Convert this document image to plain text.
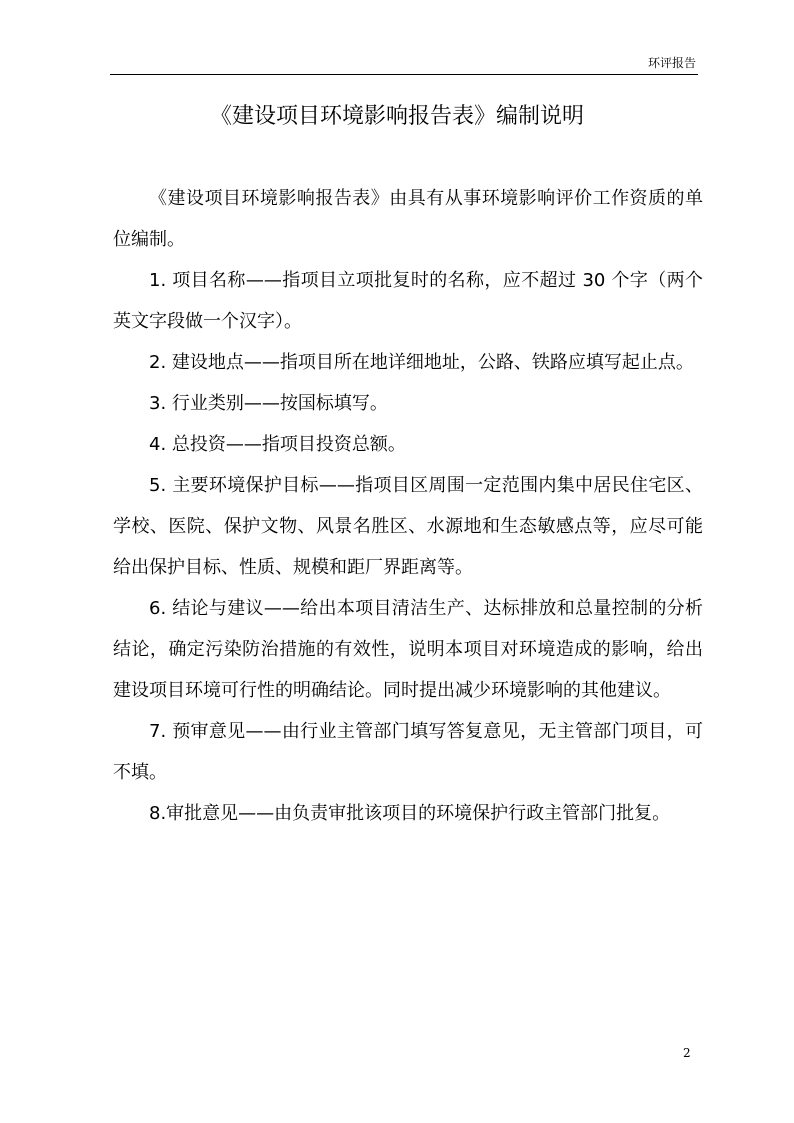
环评报告
《建设项目环境影响报告表》编制说明

《建设项目环境影响报告表》由具有从事环境影响评价工作资质的单位编制。

1. 项目名称——指项目立项批复时的名称，应不超过 30 个字（两个英文字段做一个汉字）。

2. 建设地点——指项目所在地详细地址，公路、铁路应填写起止点。

3. 行业类别——按国标填写。

4. 总投资——指项目投资总额。

5. 主要环境保护目标——指项目区周围一定范围内集中居民住宅区、学校、医院、保护文物、风景名胜区、水源地和生态敏感点等，应尽可能给出保护目标、性质、规模和距厂界距离等。

6. 结论与建议——给出本项目清洁生产、达标排放和总量控制的分析结论，确定污染防治措施的有效性，说明本项目对环境造成的影响，给出建设项目环境可行性的明确结论。同时提出减少环境影响的其他建议。

7. 预审意见——由行业主管部门填写答复意见，无主管部门项目，可不填。

8.审批意见——由负责审批该项目的环境保护行政主管部门批复。

2
